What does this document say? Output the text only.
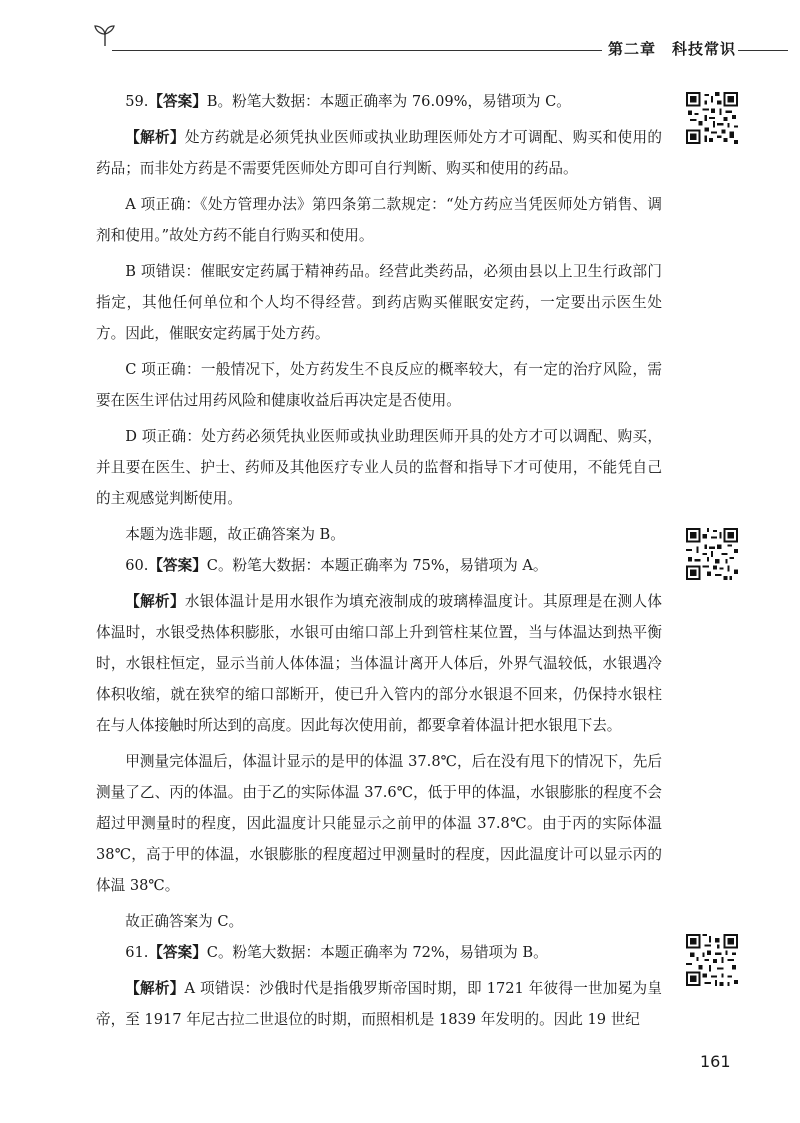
第二章 科技常识

59.【答案】B。粉笔大数据：本题正确率为 76.09%，易错项为 C。

【解析】处方药就是必须凭执业医师或执业助理医师处方才可调配、购买和使用的药品；而非处方药是不需要凭医师处方即可自行判断、购买和使用的药品。

A 项正确：《处方管理办法》第四条第二款规定：“处方药应当凭医师处方销售、调剂和使用。”故处方药不能自行购买和使用。

B 项错误：催眠安定药属于精神药品。经营此类药品，必须由县以上卫生行政部门指定，其他任何单位和个人均不得经营。到药店购买催眠安定药，一定要出示医生处方。因此，催眠安定药属于处方药。

C 项正确：一般情况下，处方药发生不良反应的概率较大，有一定的治疗风险，需要在医生评估过用药风险和健康收益后再决定是否使用。

D 项正确：处方药必须凭执业医师或执业助理医师开具的处方才可以调配、购买，并且要在医生、护士、药师及其他医疗专业人员的监督和指导下才可使用，不能凭自己的主观感觉判断使用。

本题为选非题，故正确答案为 B。

60.【答案】C。粉笔大数据：本题正确率为 75%，易错项为 A。

【解析】水银体温计是用水银作为填充液制成的玻璃棒温度计。其原理是在测人体体温时，水银受热体积膨胀，水银可由缩口部上升到管柱某位置，当与体温达到热平衡时，水银柱恒定，显示当前人体体温；当体温计离开人体后，外界气温较低，水银遇冷体积收缩，就在狭窄的缩口部断开，使已升入管内的部分水银退不回来，仍保持水银柱在与人体接触时所达到的高度。因此每次使用前，都要拿着体温计把水银甩下去。

甲测量完体温后，体温计显示的是甲的体温 37.8℃，后在没有甩下的情况下，先后测量了乙、丙的体温。由于乙的实际体温 37.6℃，低于甲的体温，水银膨胀的程度不会超过甲测量时的程度，因此温度计只能显示之前甲的体温 37.8℃。由于丙的实际体温 38℃，高于甲的体温，水银膨胀的程度超过甲测量时的程度，因此温度计可以显示丙的体温 38℃。

故正确答案为 C。

61.【答案】C。粉笔大数据：本题正确率为 72%，易错项为 B。

【解析】A 项错误：沙俄时代是指俄罗斯帝国时期，即 1721 年彼得一世加冕为皇帝，至 1917 年尼古拉二世退位的时期，而照相机是 1839 年发明的。因此 19 世纪

161
